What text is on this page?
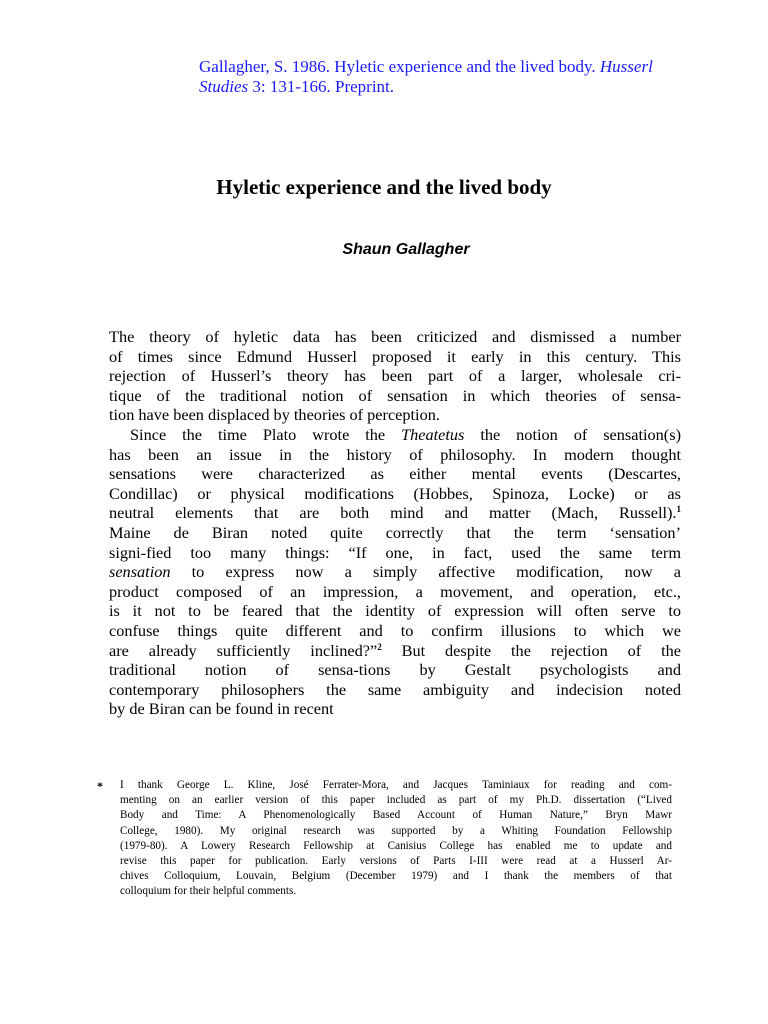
Gallagher, S. 1986. Hyletic experience and the lived body. Husserl
Studies 3: 131-166. Preprint.
Hyletic experience and the lived body

Shaun Gallagher

The theory of hyletic data has been criticized and dismissed a number
of times since Edmund Husserl proposed it early in this century. This
rejection of Husserl’s theory has been part of a larger, wholesale cri-
tique of the traditional notion of sensation in which theories of sensa-
tion have been displaced by theories of perception.
Since the time Plato wrote the Theatetus the notion of sensation(s)
has been an issue in the history of philosophy. In modern thought
sensations were characterized as either mental events (Descartes,
Condillac) or physical modifications (Hobbes, Spinoza, Locke) or as
neutral elements that are both mind and matter (Mach, Russell).$^1$
Maine de Biran noted quite correctly that the term ‘sensation’
signi-fied too many things: “If one, in fact, used the same term
sensation to express now a simply affective modification, now a
product composed of an impression, a movement, and operation, etc.,
is it not to be feared that the identity of expression will often serve to
confuse things quite different and to confirm illusions to which we
are already sufficiently inclined?”$^2$ But despite the rejection of the
traditional notion of sensa-tions by Gestalt psychologists and
contemporary philosophers the same ambiguity and indecision noted
by de Biran can be found in recent
* I thank George L. Kline, José Ferrater-Mora, and Jacques Taminiaux for reading and com-
menting on an earlier version of this paper included as part of my Ph.D. dissertation (“Lived
Body and Time: A Phenomenologically Based Account of Human Nature,” Bryn Mawr
College, 1980). My original research was supported by a Whiting Foundation Fellowship
(1979-80). A Lowery Research Fellowship at Canisius College has enabled me to update and
revise this paper for publication. Early versions of Parts I-III were read at a Husserl Ar-
chives Colloquium, Louvain, Belgium (December 1979) and I thank the members of that
colloquium for their helpful comments.
